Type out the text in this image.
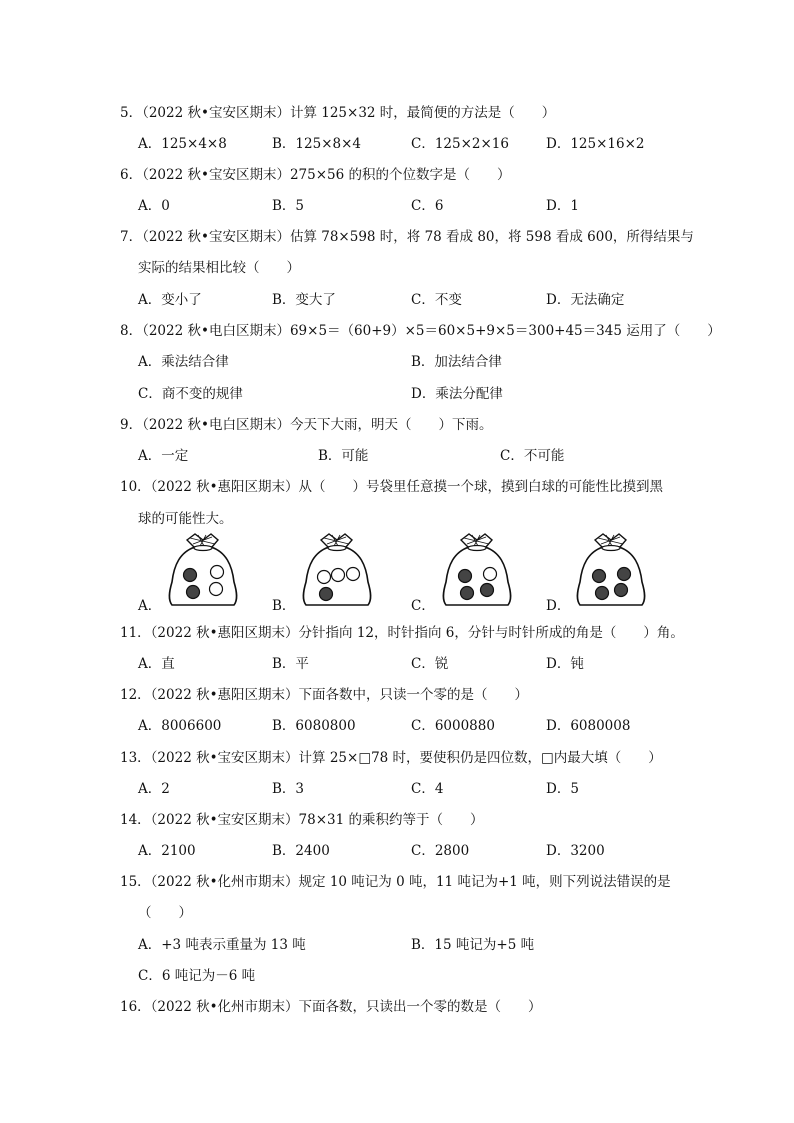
5．（2022 秋•宝安区期末）计算 125×32 时，最简便的方法是（　　）
A．125×4×8	B．125×8×4	C．125×2×16	D．125×16×2
6．（2022 秋•宝安区期末）275×56 的积的个位数字是（　　）
A．0	B．5	C．6	D．1
7．（2022 秋•宝安区期末）估算 78×598 时，将 78 看成 80，将 598 看成 600，所得结果与
实际的结果相比较（　　）
A．变小了	B．变大了	C．不变	D．无法确定
8．（2022 秋•电白区期末）69×5＝（60+9）×5＝60×5+9×5＝300+45＝345 运用了（　　）
A．乘法结合律	B．加法结合律
C．商不变的规律	D．乘法分配律
9．（2022 秋•电白区期末）今天下大雨，明天（　　）下雨。
A．一定	B．可能	C．不可能
10．（2022 秋•惠阳区期末）从（　　）号袋里任意摸一个球，摸到白球的可能性比摸到黑
球的可能性大。
A．	B．	C．	D．
11．（2022 秋•惠阳区期末）分针指向 12，时针指向 6，分针与时针所成的角是（　　）角。
A．直	B．平	C．锐	D．钝
12．（2022 秋•惠阳区期末）下面各数中，只读一个零的是（　　）
A．8006600	B．6080800	C．6000880	D．6080008
13．（2022 秋•宝安区期末）计算 25×□78 时，要使积仍是四位数，□内最大填（　　）
A．2	B．3	C．4	D．5
14．（2022 秋•宝安区期末）78×31 的乘积约等于（　　）
A．2100	B．2400	C．2800	D．3200
15．（2022 秋•化州市期末）规定 10 吨记为 0 吨，11 吨记为+1 吨，则下列说法错误的是
（　　）
A．+3 吨表示重量为 13 吨	B．15 吨记为+5 吨
C．6 吨记为－6 吨
16．（2022 秋•化州市期末）下面各数，只读出一个零的数是（　　）
